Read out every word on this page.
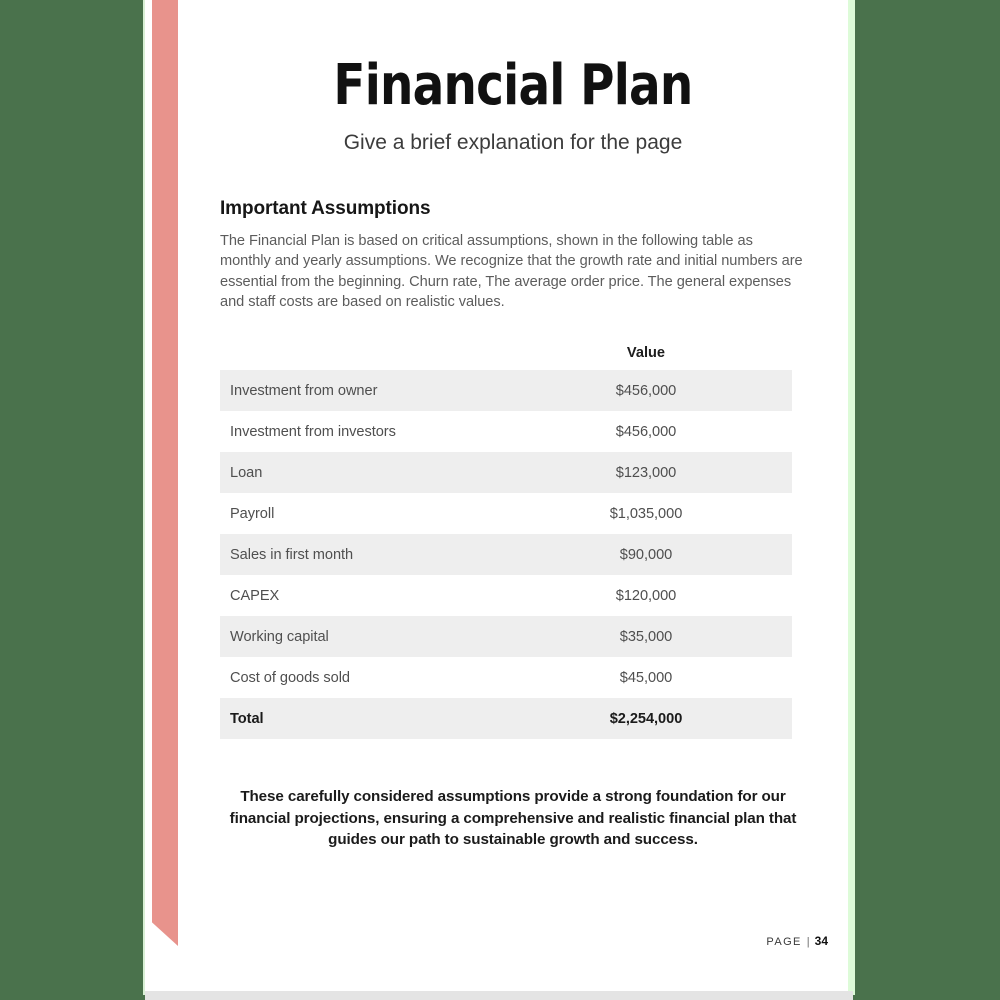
Financial Plan
Give a brief explanation for the page
Important Assumptions
The Financial Plan is based on critical assumptions, shown in the following table as monthly and yearly assumptions. We recognize that the growth rate and initial numbers are essential from the beginning. Churn rate, The average order price. The general expenses and staff costs are based on realistic values.
Value
Investment from owner	$456,000
Investment from investors	$456,000
Loan	$123,000
Payroll	$1,035,000
Sales in first month	$90,000
CAPEX	$120,000
Working capital	$35,000
Cost of goods sold	$45,000
Total	$2,254,000
These carefully considered assumptions provide a strong foundation for our financial projections, ensuring a comprehensive and realistic financial plan that guides our path to sustainable growth and success.
PAGE | 34
